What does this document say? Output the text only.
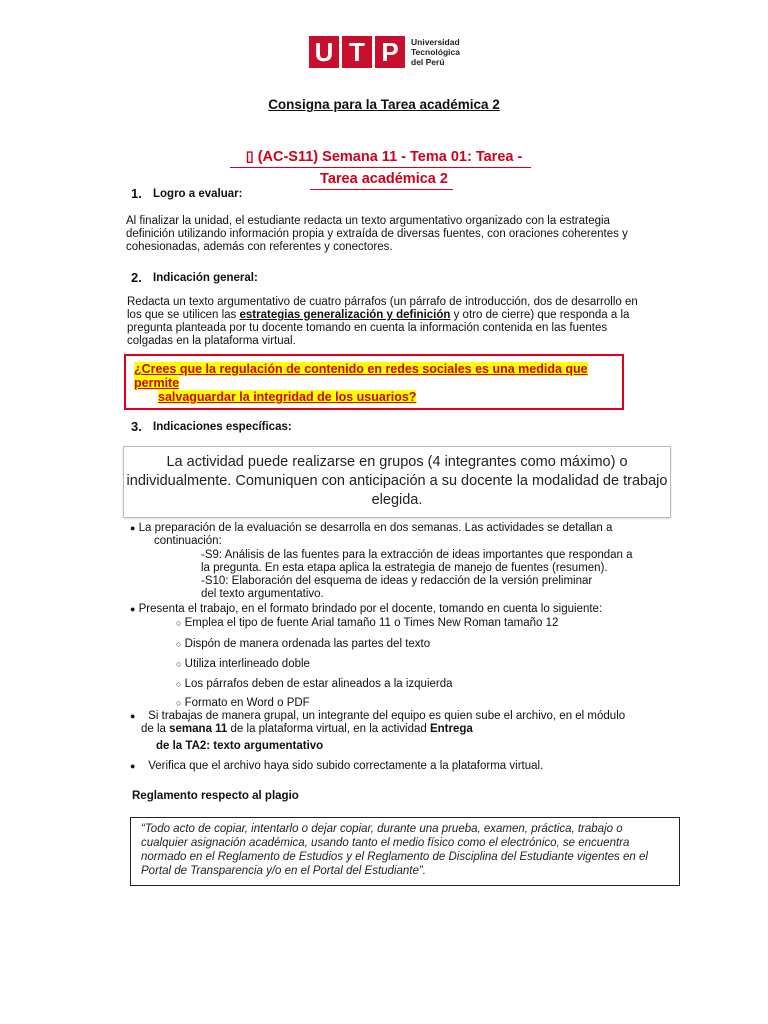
U T P	Universidad
Tecnológica
del Perú
Consigna para la Tarea académica 2
▯ (AC-S11) Semana 11 - Tema 01: Tarea -
Tarea académica 2
1. Logro a evaluar:
Al finalizar la unidad, el estudiante redacta un texto argumentativo organizado con la estrategia
definición utilizando información propia y extraída de diversas fuentes, con oraciones coherentes y
cohesionadas, además con referentes y conectores.
2. Indicación general:
Redacta un texto argumentativo de cuatro párrafos (un párrafo de introducción, dos de desarrollo en
los que se utilicen las estrategias generalización y definición y otro de cierre) que responda a la
pregunta planteada por tu docente tomando en cuenta la información contenida en las fuentes
colgadas en la plataforma virtual.
¿Crees que la regulación de contenido en redes sociales es una medida que permite
salvaguardar la integridad de los usuarios?
3. Indicaciones específicas:
La actividad puede realizarse en grupos (4 integrantes como máximo) o
individualmente. Comuniquen con anticipación a su docente la modalidad de trabajo
elegida.
● La preparación de la evaluación se desarrolla en dos semanas. Las actividades se detallan a
continuación:
-S9: Análisis de las fuentes para la extracción de ideas importantes que respondan a
la pregunta. En esta etapa aplica la estrategia de manejo de fuentes (resumen).
-S10: Elaboración del esquema de ideas y redacción de la versión preliminar
del texto argumentativo.
● Presenta el trabajo, en el formato brindado por el docente, tomando en cuenta lo siguiente:
○ Emplea el tipo de fuente Arial tamaño 11 o Times New Roman tamaño 12
○ Dispón de manera ordenada las partes del texto
○ Utiliza interlineado doble
○ Los párrafos deben de estar alineados a la izquierda
○ Formato en Word o PDF
● Si trabajas de manera grupal, un integrante del equipo es quien sube el archivo, en el módulo
de la semana 11 de la plataforma virtual, en la actividad Entrega
de la TA2: texto argumentativo
● Verifica que el archivo haya sido subido correctamente a la plataforma virtual.
Reglamento respecto al plagio
“Todo acto de copiar, intentarlo o dejar copiar, durante una prueba, examen, práctica, trabajo o
cualquier asignación académica, usando tanto el medio físico como el electrónico, se encuentra
normado en el Reglamento de Estudios y el Reglamento de Disciplina del Estudiante vigentes en el
Portal de Transparencia y/o en el Portal del Estudiante”.
